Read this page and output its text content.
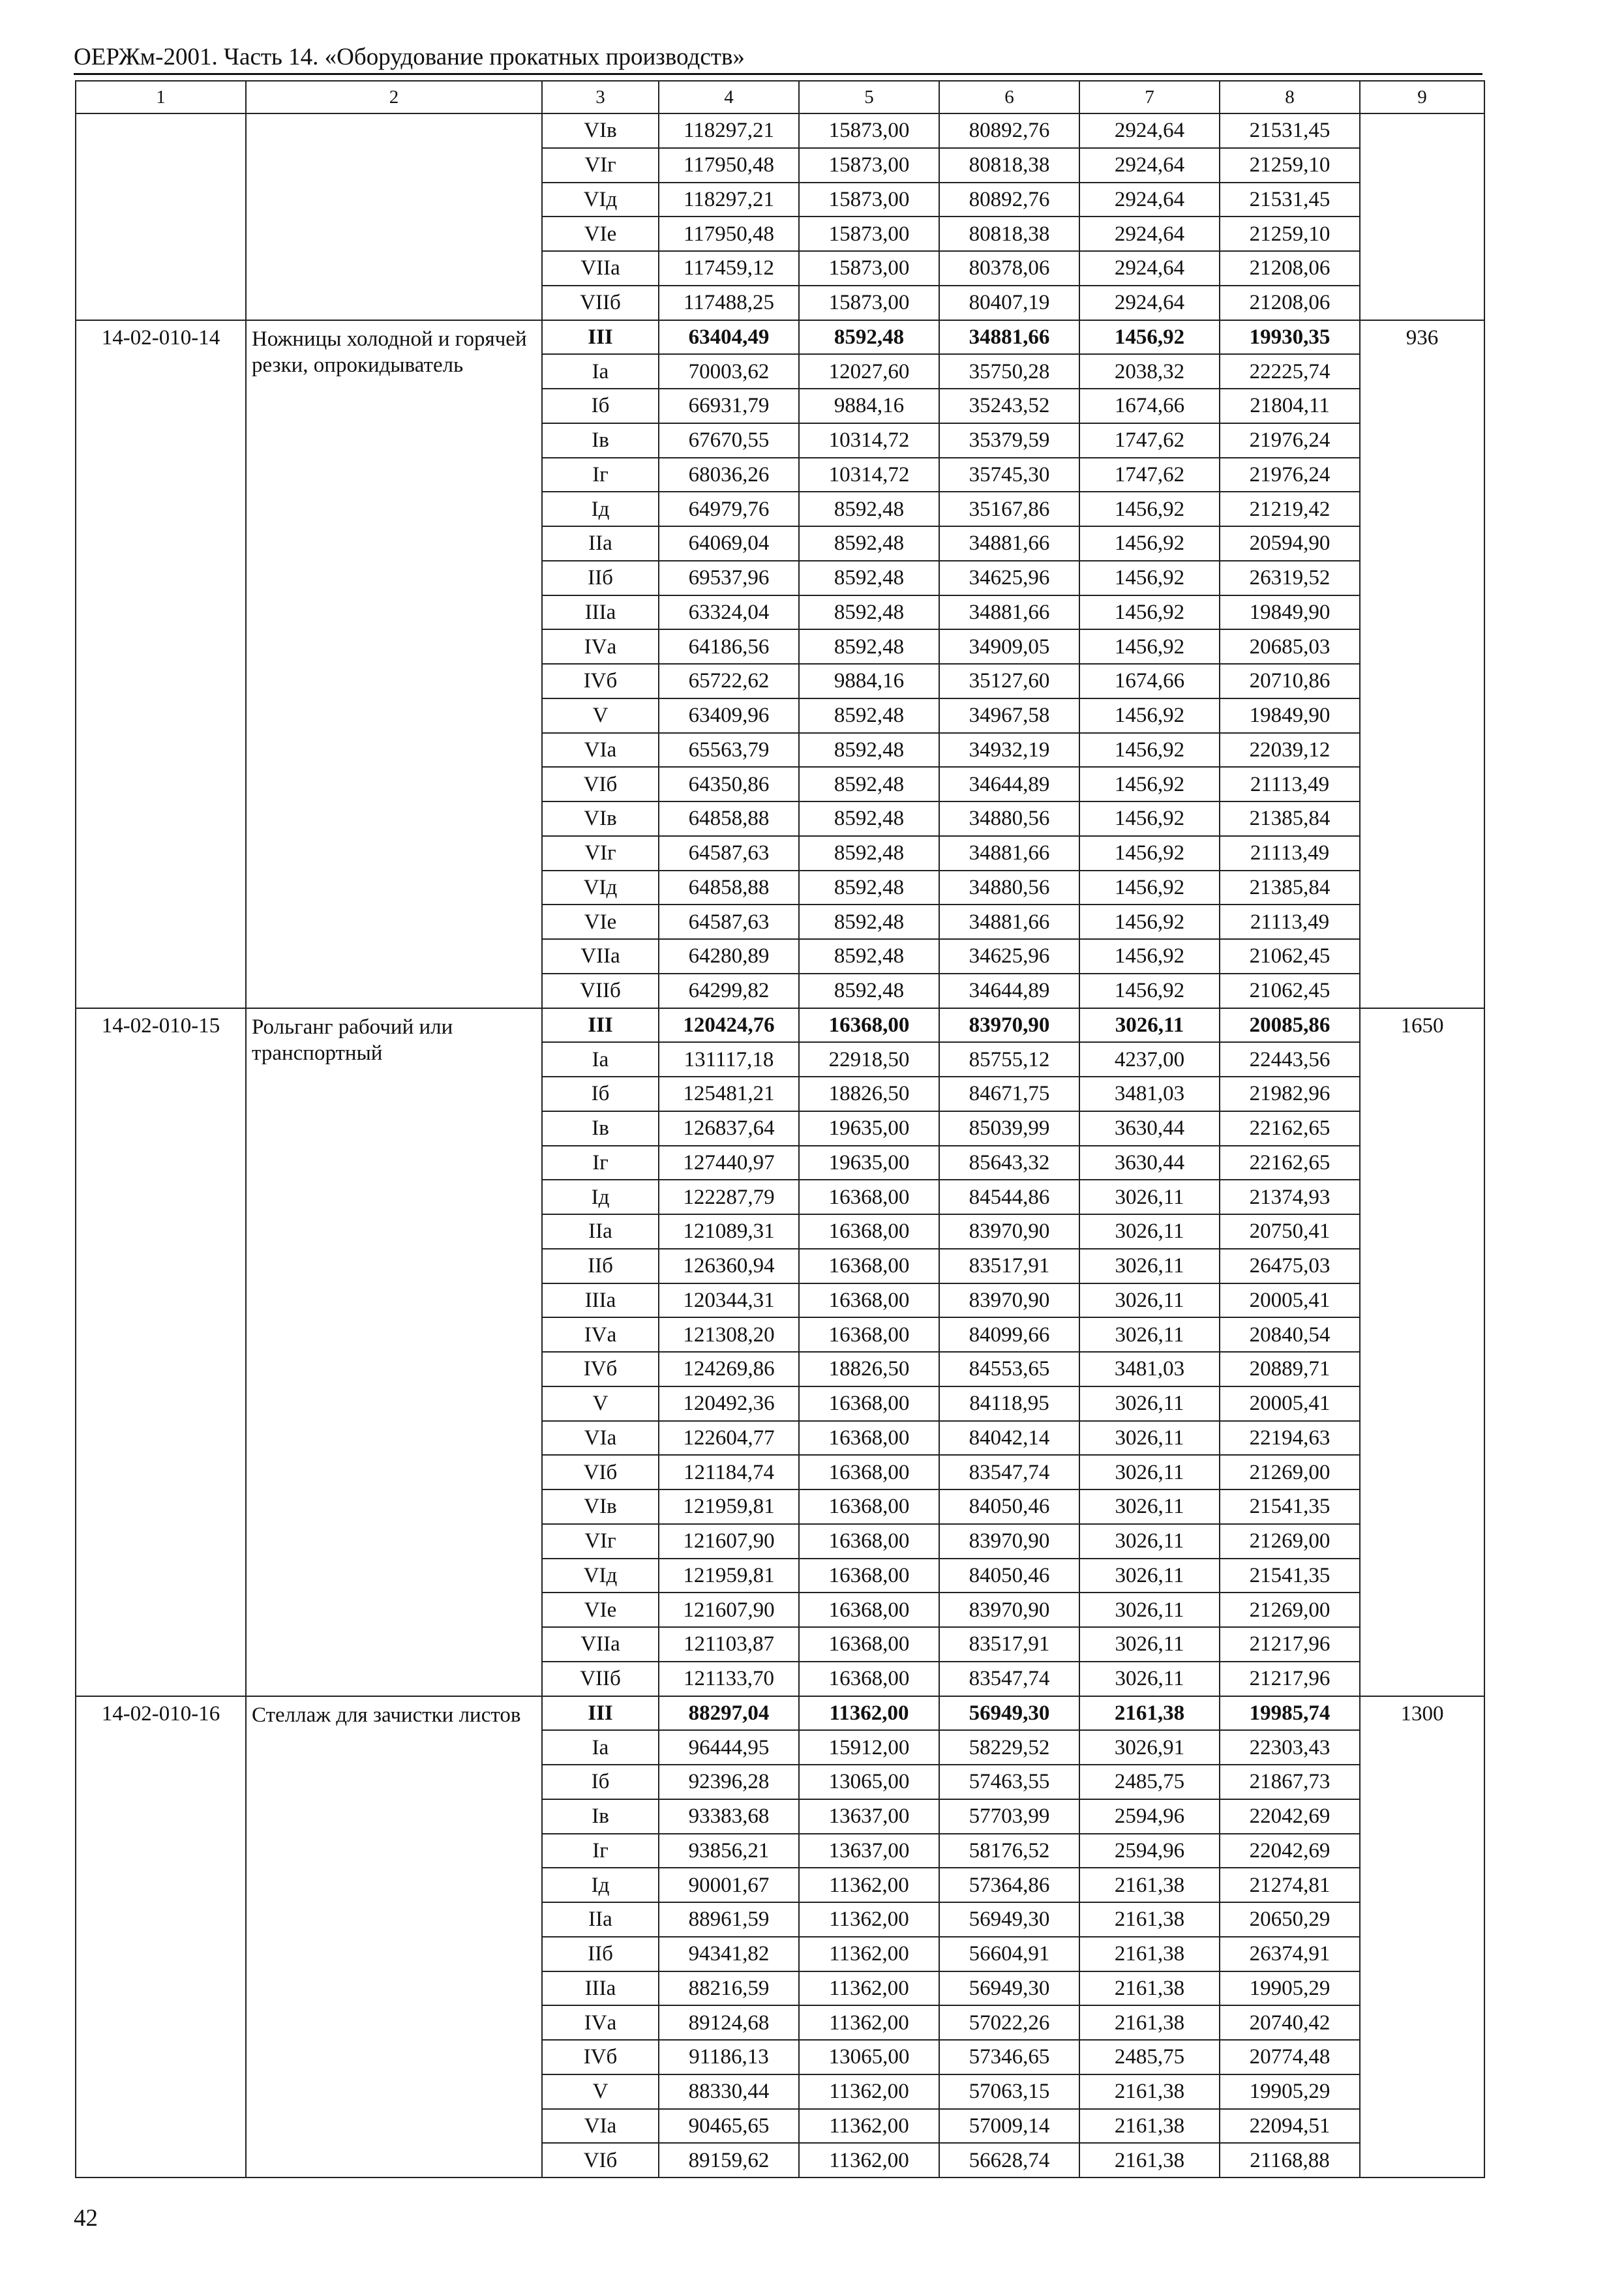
ОЕРЖм-2001. Часть 14. «Оборудование прокатных производств»
1	2	3	4	5	6	7	8	9
		VIв	118297,21	15873,00	80892,76	2924,64	21531,45	
		VIг	117950,48	15873,00	80818,38	2924,64	21259,10	
		VIд	118297,21	15873,00	80892,76	2924,64	21531,45	
		VIе	117950,48	15873,00	80818,38	2924,64	21259,10	
		VIIа	117459,12	15873,00	80378,06	2924,64	21208,06	
		VIIб	117488,25	15873,00	80407,19	2924,64	21208,06	
14-02-010-14	Ножницы холодной и горячей резки, опрокидыватель	III	63404,49	8592,48	34881,66	1456,92	19930,35	936
		Iа	70003,62	12027,60	35750,28	2038,32	22225,74	
		Iб	66931,79	9884,16	35243,52	1674,66	21804,11	
		Iв	67670,55	10314,72	35379,59	1747,62	21976,24	
		Iг	68036,26	10314,72	35745,30	1747,62	21976,24	
		Iд	64979,76	8592,48	35167,86	1456,92	21219,42	
		IIа	64069,04	8592,48	34881,66	1456,92	20594,90	
		IIб	69537,96	8592,48	34625,96	1456,92	26319,52	
		IIIа	63324,04	8592,48	34881,66	1456,92	19849,90	
		IVа	64186,56	8592,48	34909,05	1456,92	20685,03	
		IVб	65722,62	9884,16	35127,60	1674,66	20710,86	
		V	63409,96	8592,48	34967,58	1456,92	19849,90	
		VIа	65563,79	8592,48	34932,19	1456,92	22039,12	
		VIб	64350,86	8592,48	34644,89	1456,92	21113,49	
		VIв	64858,88	8592,48	34880,56	1456,92	21385,84	
		VIг	64587,63	8592,48	34881,66	1456,92	21113,49	
		VIд	64858,88	8592,48	34880,56	1456,92	21385,84	
		VIе	64587,63	8592,48	34881,66	1456,92	21113,49	
		VIIа	64280,89	8592,48	34625,96	1456,92	21062,45	
		VIIб	64299,82	8592,48	34644,89	1456,92	21062,45	
14-02-010-15	Рольганг рабочий или транспортный	III	120424,76	16368,00	83970,90	3026,11	20085,86	1650
		Iа	131117,18	22918,50	85755,12	4237,00	22443,56	
		Iб	125481,21	18826,50	84671,75	3481,03	21982,96	
		Iв	126837,64	19635,00	85039,99	3630,44	22162,65	
		Iг	127440,97	19635,00	85643,32	3630,44	22162,65	
		Iд	122287,79	16368,00	84544,86	3026,11	21374,93	
		IIа	121089,31	16368,00	83970,90	3026,11	20750,41	
		IIб	126360,94	16368,00	83517,91	3026,11	26475,03	
		IIIа	120344,31	16368,00	83970,90	3026,11	20005,41	
		IVа	121308,20	16368,00	84099,66	3026,11	20840,54	
		IVб	124269,86	18826,50	84553,65	3481,03	20889,71	
		V	120492,36	16368,00	84118,95	3026,11	20005,41	
		VIа	122604,77	16368,00	84042,14	3026,11	22194,63	
		VIб	121184,74	16368,00	83547,74	3026,11	21269,00	
		VIв	121959,81	16368,00	84050,46	3026,11	21541,35	
		VIг	121607,90	16368,00	83970,90	3026,11	21269,00	
		VIд	121959,81	16368,00	84050,46	3026,11	21541,35	
		VIе	121607,90	16368,00	83970,90	3026,11	21269,00	
		VIIа	121103,87	16368,00	83517,91	3026,11	21217,96	
		VIIб	121133,70	16368,00	83547,74	3026,11	21217,96	
14-02-010-16	Стеллаж для зачистки листов	III	88297,04	11362,00	56949,30	2161,38	19985,74	1300
		Iа	96444,95	15912,00	58229,52	3026,91	22303,43	
		Iб	92396,28	13065,00	57463,55	2485,75	21867,73	
		Iв	93383,68	13637,00	57703,99	2594,96	22042,69	
		Iг	93856,21	13637,00	58176,52	2594,96	22042,69	
		Iд	90001,67	11362,00	57364,86	2161,38	21274,81	
		IIа	88961,59	11362,00	56949,30	2161,38	20650,29	
		IIб	94341,82	11362,00	56604,91	2161,38	26374,91	
		IIIа	88216,59	11362,00	56949,30	2161,38	19905,29	
		IVа	89124,68	11362,00	57022,26	2161,38	20740,42	
		IVб	91186,13	13065,00	57346,65	2485,75	20774,48	
		V	88330,44	11362,00	57063,15	2161,38	19905,29	
		VIа	90465,65	11362,00	57009,14	2161,38	22094,51	
		VIб	89159,62	11362,00	56628,74	2161,38	21168,88	
42
